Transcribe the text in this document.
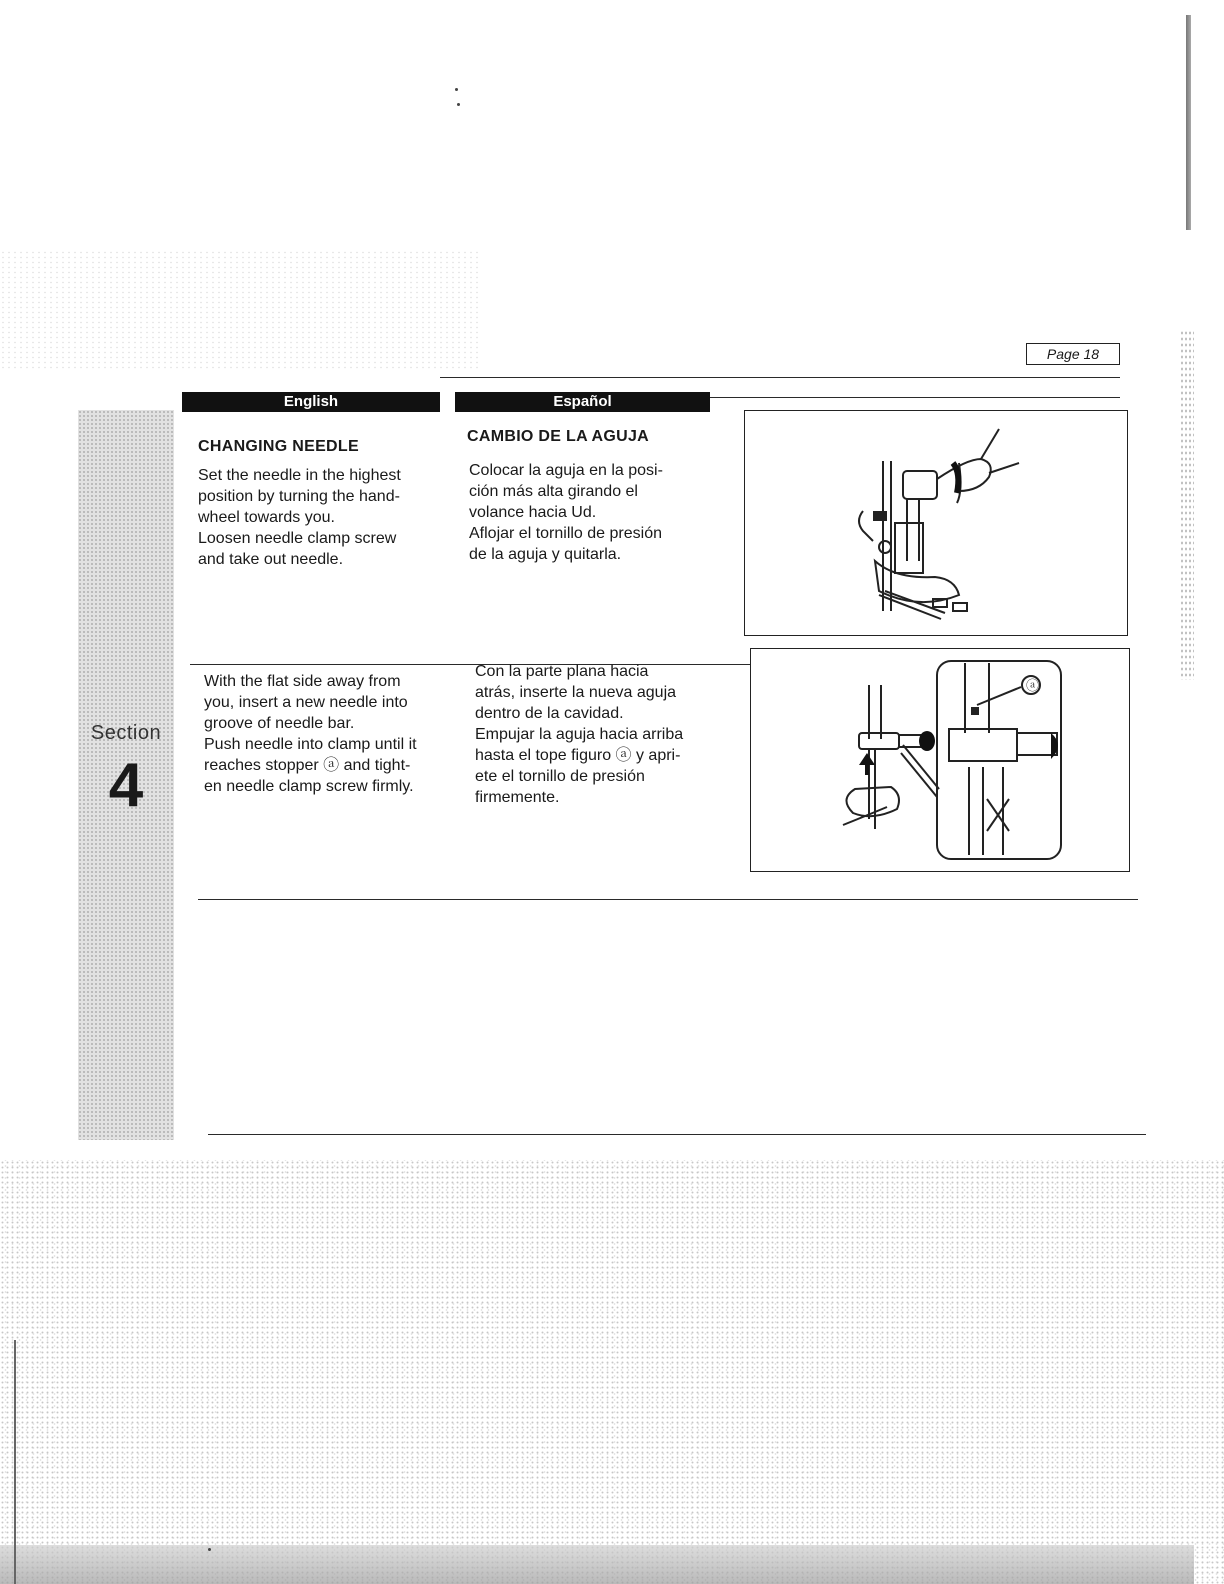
Section
4
Page 18
English	Español
CHANGING NEEDLE
Set the needle in the highest
position by turning the hand-
wheel towards you.
Loosen needle clamp screw
and take out needle.
CAMBIO DE LA AGUJA
Colocar la aguja en la posi-
ción más alta girando el
volance hacia Ud.
Aflojar el tornillo de presión
de la aguja y quitarla.
With the flat side away from
you, insert a new needle into
groove of needle bar.
Push needle into clamp until it
reaches stopper ⓐ and tight-
en needle clamp screw firmly.
Con la parte plana hacia
atrás, inserte la nueva aguja
dentro de la cavidad.
Empujar la aguja hacia arriba
hasta el tope figuro ⓐ y apri-
ete el tornillo de presión
firmemente.
ⓐ
